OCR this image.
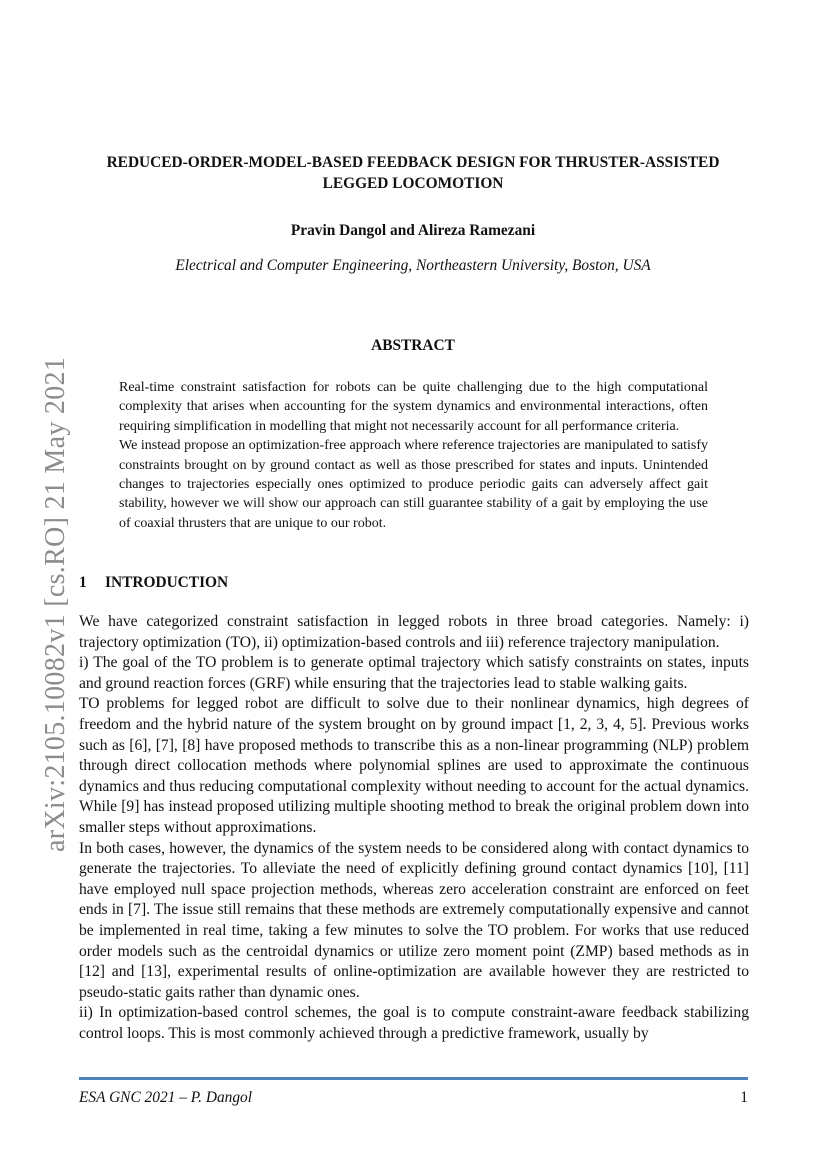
arXiv:2105.10082v1 [cs.RO] 21 May 2021
REDUCED-ORDER-MODEL-BASED FEEDBACK DESIGN FOR THRUSTER-ASSISTED
LEGGED LOCOMOTION
Pravin Dangol and Alireza Ramezani
Electrical and Computer Engineering, Northeastern University, Boston, USA
ABSTRACT

Real-time constraint satisfaction for robots can be quite challenging due to the high computational complexity that arises when accounting for the system dynamics and environmental interactions, often requiring simplification in modelling that might not necessarily account for all performance criteria.

We instead propose an optimization-free approach where reference trajectories are manipulated to satisfy constraints brought on by ground contact as well as those prescribed for states and inputs. Unintended changes to trajectories especially ones optimized to produce periodic gaits can adversely affect gait stability, however we will show our approach can still guarantee stability of a gait by employing the use of coaxial thrusters that are unique to our robot.

1 INTRODUCTION

We have categorized constraint satisfaction in legged robots in three broad categories. Namely: i) trajectory optimization (TO), ii) optimization-based controls and iii) reference trajectory manipulation.

i) The goal of the TO problem is to generate optimal trajectory which satisfy constraints on states, inputs and ground reaction forces (GRF) while ensuring that the trajectories lead to stable walking gaits.

TO problems for legged robot are difficult to solve due to their nonlinear dynamics, high degrees of freedom and the hybrid nature of the system brought on by ground impact [1, 2, 3, 4, 5]. Previous works such as [6], [7], [8] have proposed methods to transcribe this as a non-linear programming (NLP) problem through direct collocation methods where polynomial splines are used to approximate the continuous dynamics and thus reducing computational complexity without needing to account for the actual dynamics. While [9] has instead proposed utilizing multiple shooting method to break the original problem down into smaller steps without approximations.

In both cases, however, the dynamics of the system needs to be considered along with contact dynamics to generate the trajectories. To alleviate the need of explicitly defining ground contact dynamics [10], [11] have employed null space projection methods, whereas zero acceleration constraint are enforced on feet ends in [7]. The issue still remains that these methods are extremely computationally expensive and cannot be implemented in real time, taking a few minutes to solve the TO problem. For works that use reduced order models such as the centroidal dynamics or utilize zero moment point (ZMP) based methods as in [12] and [13], experimental results of online-optimization are available however they are restricted to pseudo-static gaits rather than dynamic ones.

ii) In optimization-based control schemes, the goal is to compute constraint-aware feedback stabilizing control loops. This is most commonly achieved through a predictive framework, usually by

ESA GNC 2021 – P. Dangol	1
